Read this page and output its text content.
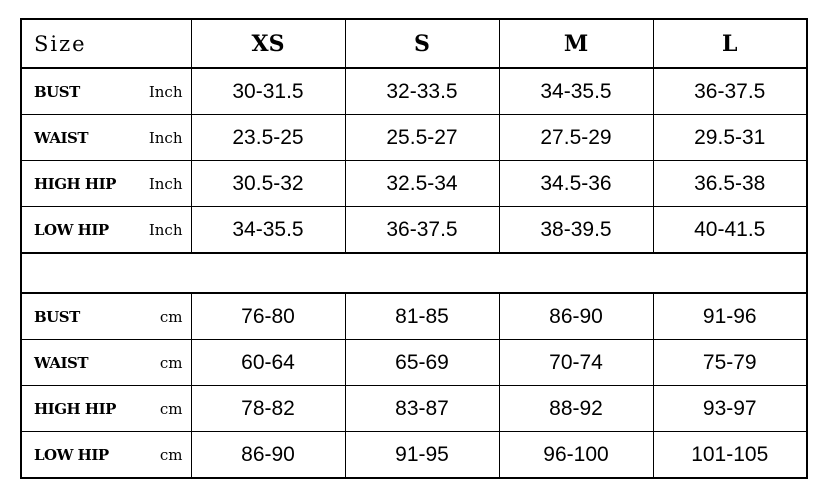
Size	XS	S	M	L

BUST Inch	30-31.5	32-33.5	34-35.5	36-37.5

WAIST Inch	23.5-25	25.5-27	27.5-29	29.5-31

HIGH HIP Inch	30.5-32	32.5-34	34.5-36	36.5-38

LOW HIP Inch	34-35.5	36-37.5	38-39.5	40-41.5

BUST cm	76-80	81-85	86-90	91-96

WAIST cm	60-64	65-69	70-74	75-79

HIGH HIP cm	78-82	83-87	88-92	93-97

LOW HIP cm	86-90	91-95	96-100	101-105
